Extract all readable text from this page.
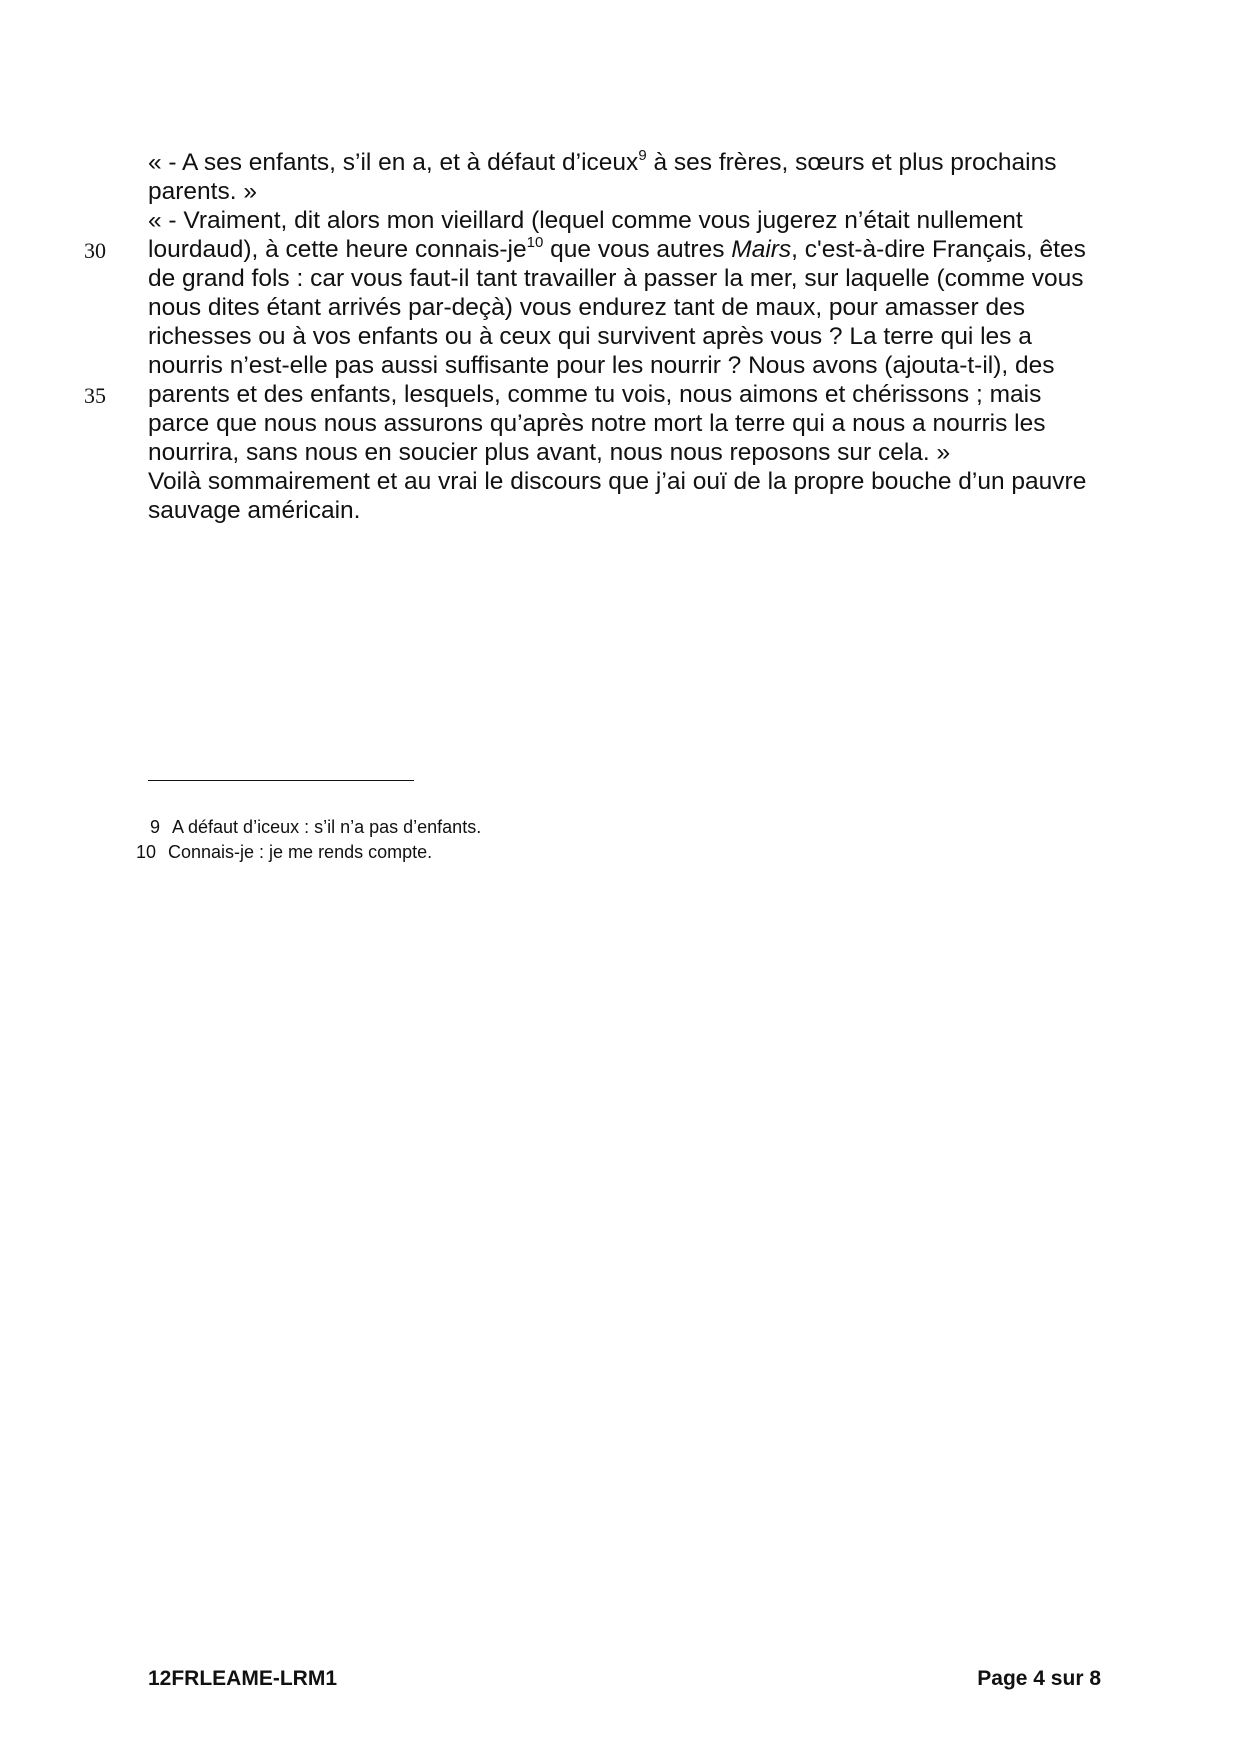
« - A ses enfants, s’il en a, et à défaut d’iceux$^9$ à ses frères, sœurs et plus prochains
parents. »
« - Vraiment, dit alors mon vieillard (lequel comme vous jugerez n’était nullement
30 lourdaud), à cette heure connais-$je^{10}$ que vous autres Mairs, c'est-à-dire Français, êtes
de grand fols : car vous faut-il tant travailler à passer la mer, sur laquelle (comme vous
nous dites étant arrivés par-deçà) vous endurez tant de maux, pour amasser des
richesses ou à vos enfants ou à ceux qui survivent après vous ? La terre qui les a
nourris n’est-elle pas aussi suffisante pour les nourrir ? Nous avons (ajouta-t-il), des
35 parents et des enfants, lesquels, comme tu vois, nous aimons et chérissons ; mais
parce que nous nous assurons qu’après notre mort la terre qui a nous a nourris les
nourrira, sans nous en soucier plus avant, nous nous reposons sur cela. »
Voilà sommairement et au vrai le discours que j’ai ouï de la propre bouche d’un pauvre
sauvage américain.
9 A défaut d’iceux : s’il n’a pas d’enfants.
10 Connais-je : je me rends compte.
12FRLEAME-LRM1	Page 4 sur 8
